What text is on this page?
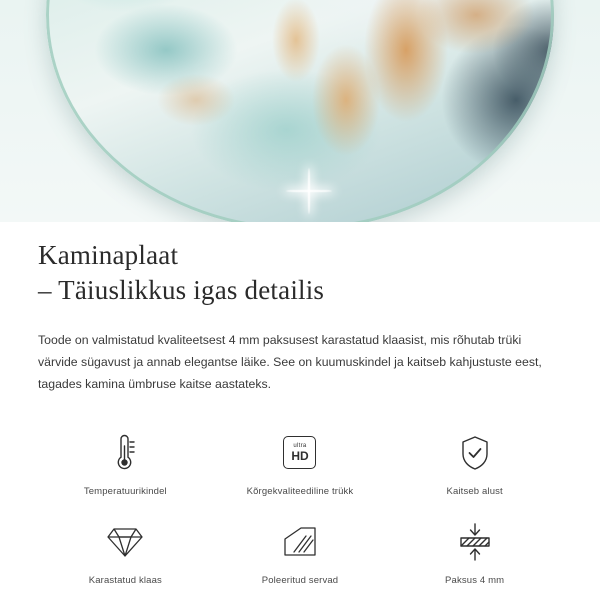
Kaminaplaat
– Täiuslikkus igas detailis

Toode on valmistatud kvaliteetsest 4 mm paksusest karastatud klaasist, mis rõhutab trüki värvide sügavust ja annab elegantse läike. See on kuumuskindel ja kaitseb kahjustuste eest, tagades kamina ümbruse kaitse aastateks.

Temperatuurikindel
ultra
HD
Kõrgekvaliteediline trükk	Kaitseb alust
Karastatud klaas	Poleeritud servad	Paksus 4 mm
